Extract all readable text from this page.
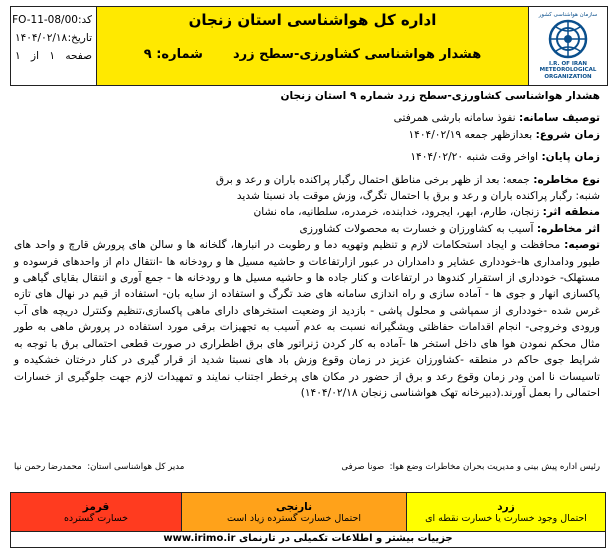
کد:
FO-11-08/00
تاریخ:
۱۴۰۴/۰۲/۱۸
صفحه
۱
از
۱
اداره کل هواشناسی استان زنجان
هشدار هواشناسی کشاورزی-سطح زرد
شماره: ۹
سازمان هواشناسی کشور
I.R. OF IRAN
METEOROLOGICAL
ORGANIZATION

هشدار هواشناسی کشاورزی-سطح زرد شماره ۹ استان زنجان

توصیف سامانه: نفوذ سامانه بارشی همرفتی

زمان شروع: بعدازظهر جمعه ۱۴۰۴/۰۲/۱۹

زمان پایان: اواخر وقت شنبه ۱۴۰۴/۰۲/۲۰

نوع مخاطره: جمعه: بعد از ظهر برخی مناطق احتمال رگبار پراکنده باران و رعد و برق

شنبه: رگبار پراکنده باران و رعد و برق با احتمال تگرگ، وزش موقت باد نسبتا شدید

منطقه اثر: زنجان، طارم، ابهر، ایجرود، خدابنده، خرمدره، سلطانیه، ماه نشان

اثر مخاطره: آسیب به کشاورزان و خسارت به محصولات کشاورزی

توصیه: محافظت و ایجاد استحکامات لازم و تنظیم وتهویه دما و رطوبت در انبارها، گلخانه ها و سالن های پرورش قارچ و واحد های طیور ودامداری ها-خودداری عشایر و دامداران در عبور ازارتفاعات و حاشیه مسیل ها و رودخانه ها -انتقال دام از واحدهای فرسوده و مستهلک- خودداری از استقرار کندوها در ارتفاعات و کنار جاده ها و حاشیه مسیل ها و رودخانه ها - جمع آوری و انتقال بقایای گیاهی و پاکسازی انهار و جوی ها - آماده سازی و راه اندازی سامانه های ضد تگرگ و استفاده از سایه بان- استفاده از قیم در نهال های تازه غرس شده -خودداری از سمپاشی و محلول پاشی - بازدید از وضعیت استخرهای دارای ماهی پاکسازی،تنظیم وکنترل دریچه های آب ورودی وخروجی- انجام اقدامات حفاظتی ویشگیرانه نسبت به عدم آسیب به تجهیزات برقی مورد استفاده در پرورش ماهی به طور مثال محکم نمودن هوا های داخل استخر ها -آماده به کار کردن ژنراتور های برق اظطراری در صورت قطعی احتمالی برق با توجه به شرایط جوی حاکم در منطقه -کشاورزان عزیز در زمان وقوع وزش باد های نسبتا شدید از قرار گیری در کنار درختان خشکیده و تاسیسات نا امن ودر زمان وقوع رعد و برق از حضور در مکان های پرخطر اجتناب نمایند و تمهیدات لازم جهت جلوگیری از خسارات احتمالی را بعمل آورند.(دبیرخانه تهک هواشناسی زنجان ۱۴۰۴/۰۲/۱۸)

رئیس اداره پیش بینی و مدیریت بحران مخاطرات وضع هوا:  صونا صرفی
مدیر کل هواشناسی استان:  محمدرضا رحمن نیا
قرمز
خسارت گسترده
نارنجی
احتمال خسارت گسترده زیاد است
زرد
احتمال وجود خسارت یا خسارت نقطه ای
جزییات بیشتر و اطلاعات تکمیلی در تارنمای www.irimo.ir
